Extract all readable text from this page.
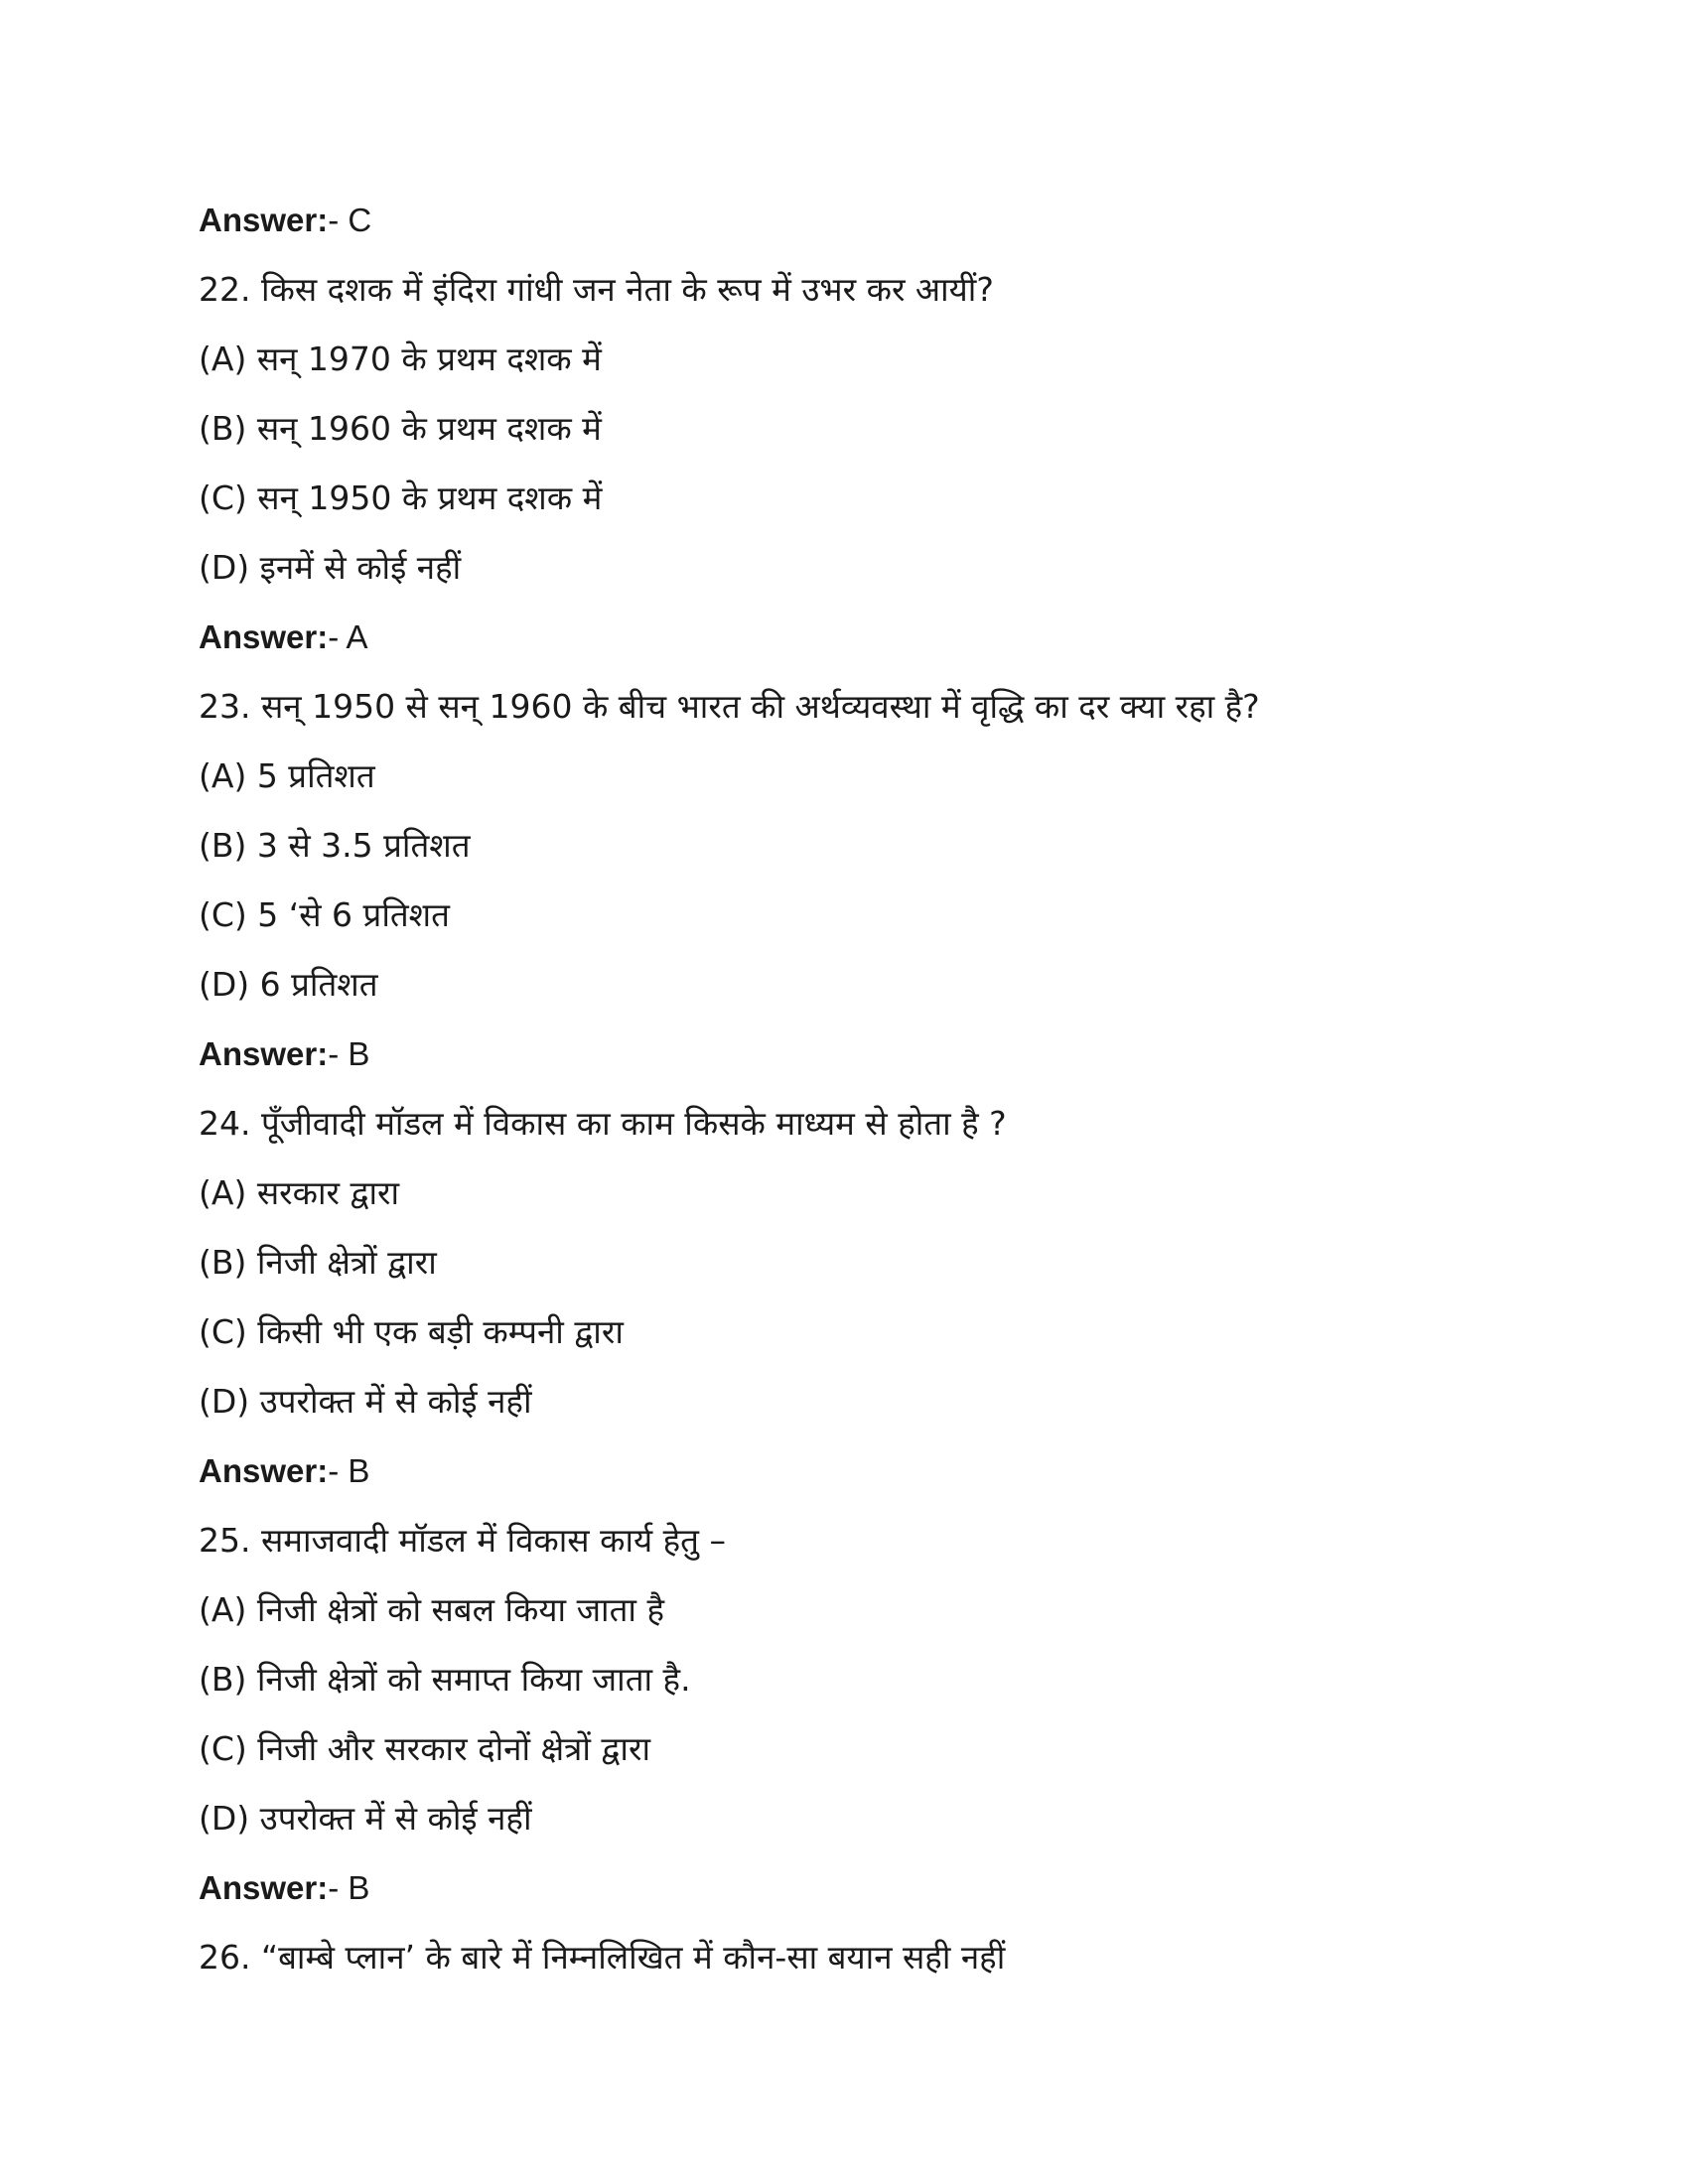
Answer:- C
22. किस दशक में इंदिरा गांधी जन नेता के रूप में उभर कर आयीं?
(A) सन् 1970 के प्रथम दशक में
(B) सन् 1960 के प्रथम दशक में
(C) सन् 1950 के प्रथम दशक में
(D) इनमें से कोई नहीं
Answer:- A
23. सन् 1950 से सन् 1960 के बीच भारत की अर्थव्यवस्था में वृद्धि का दर क्या रहा है?
(A) 5 प्रतिशत
(B) 3 से 3.5 प्रतिशत
(C) 5 ‘से 6 प्रतिशत
(D) 6 प्रतिशत
Answer:- B
24. पूँजीवादी मॉडल में विकास का काम किसके माध्यम से होता है ?
(A) सरकार द्वारा
(B) निजी क्षेत्रों द्वारा
(C) किसी भी एक बड़ी कम्पनी द्वारा
(D) उपरोक्त में से कोई नहीं
Answer:- B
25. समाजवादी मॉडल में विकास कार्य हेतु –
(A) निजी क्षेत्रों को सबल किया जाता है
(B) निजी क्षेत्रों को समाप्त किया जाता है.
(C) निजी और सरकार दोनों क्षेत्रों द्वारा
(D) उपरोक्त में से कोई नहीं
Answer:- B
26. “बाम्बे प्लान’ के बारे में निम्नलिखित में कौन-सा बयान सही नहीं
